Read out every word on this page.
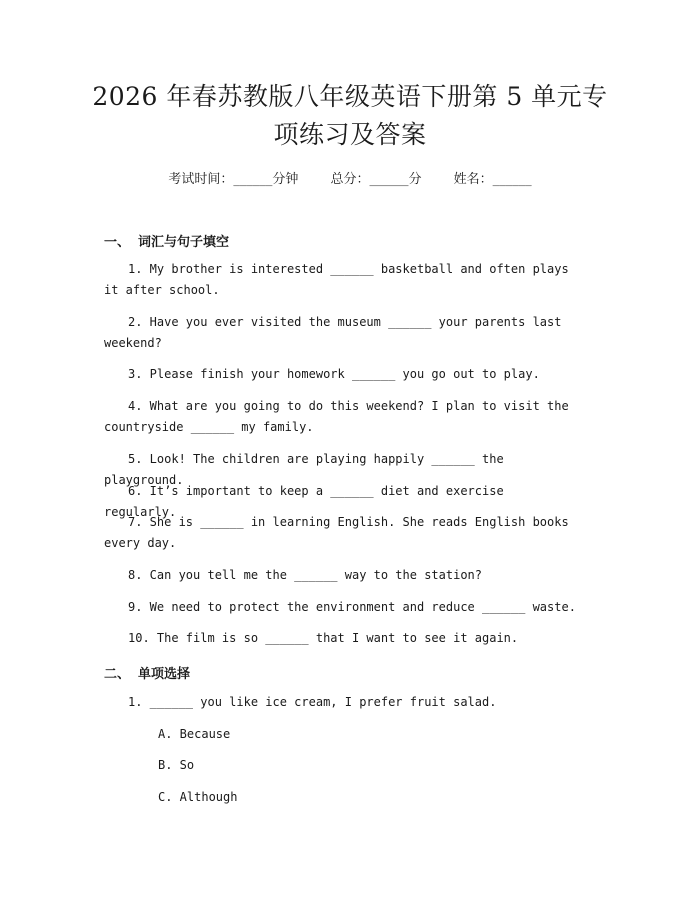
2026 年春苏教版八年级英语下册第 5 单元专
项练习及答案
考试时间：______分钟 总分：______分 姓名：______
一、 词汇与句子填空
1. My brother is interested ______ basketball and often plays it after school.
2. Have you ever visited the museum ______ your parents last weekend?
3. Please finish your homework ______ you go out to play.
4. What are you going to do this weekend? I plan to visit the countryside ______ my family.
5. Look! The children are playing happily ______ the playground.
6. It’s important to keep a ______ diet and exercise regularly.
7. She is ______ in learning English. She reads English books every day.
8. Can you tell me the ______ way to the station?
9. We need to protect the environment and reduce ______ waste.
10. The film is so ______ that I want to see it again.
二、 单项选择
1. ______ you like ice cream, I prefer fruit salad.
A. Because
B. So
C. Although
